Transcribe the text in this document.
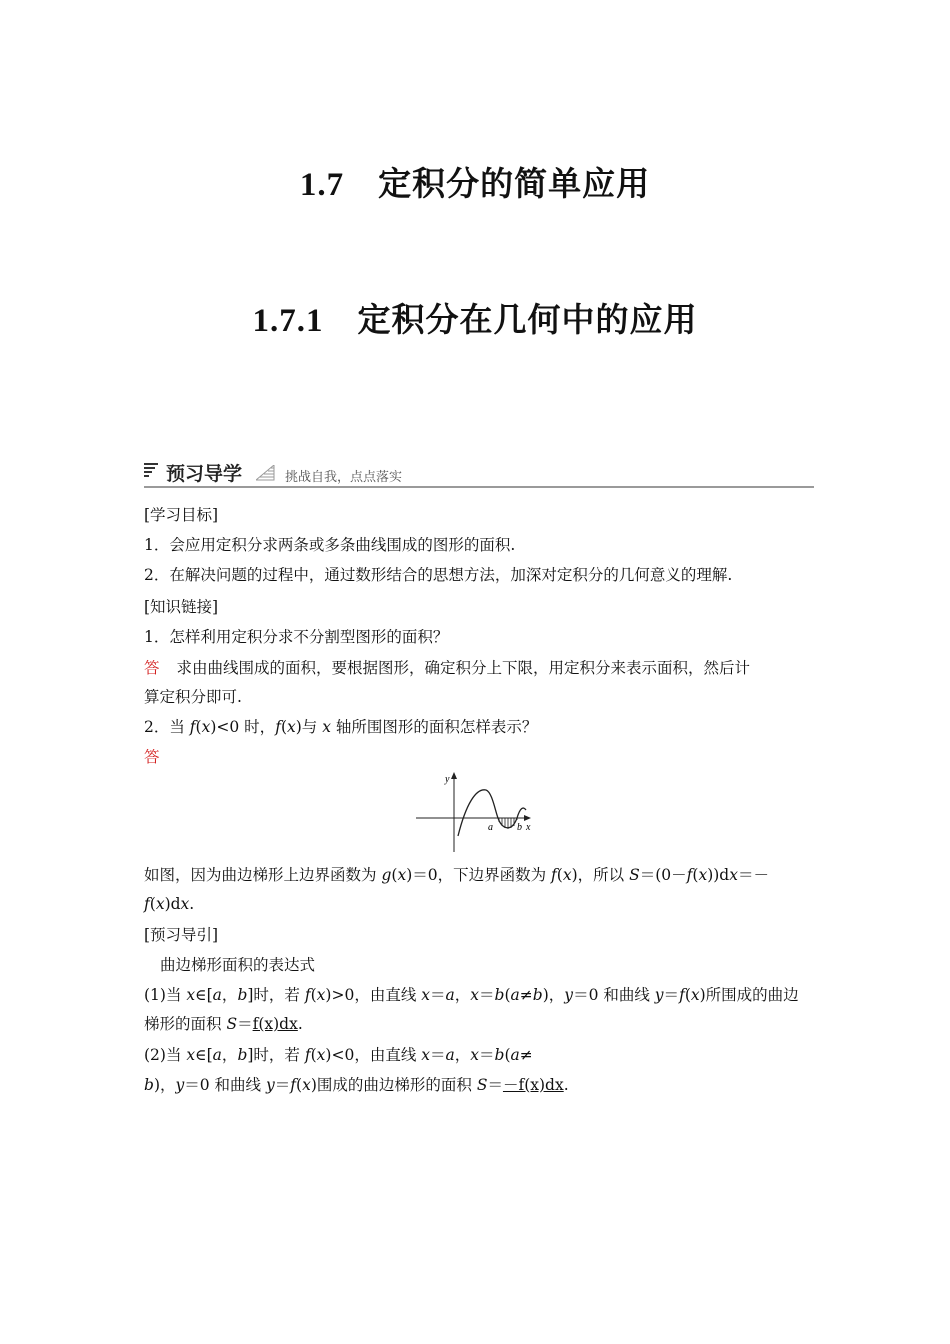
1.7 定积分的简单应用
1.7.1 定积分在几何中的应用
预习导学	挑战自我，点点落实
[学习目标]
1．会应用定积分求两条或多条曲线围成的图形的面积.
2．在解决问题的过程中，通过数形结合的思想方法，加深对定积分的几何意义的理解.
[知识链接]
1．怎样利用定积分求不分割型图形的面积？
答 求由曲线围成的面积，要根据图形，确定积分上下限，用定积分来表示面积，然后计
算定积分即可.
2．当 f(x)<0 时，f(x)与 x 轴所围图形的面积怎样表示？
答
y
x
a b
如图，因为曲边梯形上边界函数为 g(x)＝0，下边界函数为 f(x)，所以 S＝(0－f(x))dx＝－
f(x)dx.
[预习导引]
曲边梯形面积的表达式
(1)当 x∈[a，b]时，若 f(x)>0，由直线 x＝a，x＝b(a≠b)，y＝0 和曲线 y＝f(x)所围成的曲边
梯形的面积 S＝f(x)dx.
(2)当 x∈[a，b]时，若 f(x)<0，由直线 x＝a，x＝b(a≠
b)，y＝0 和曲线 y＝f(x)围成的曲边梯形的面积 S＝－f(x)dx.
